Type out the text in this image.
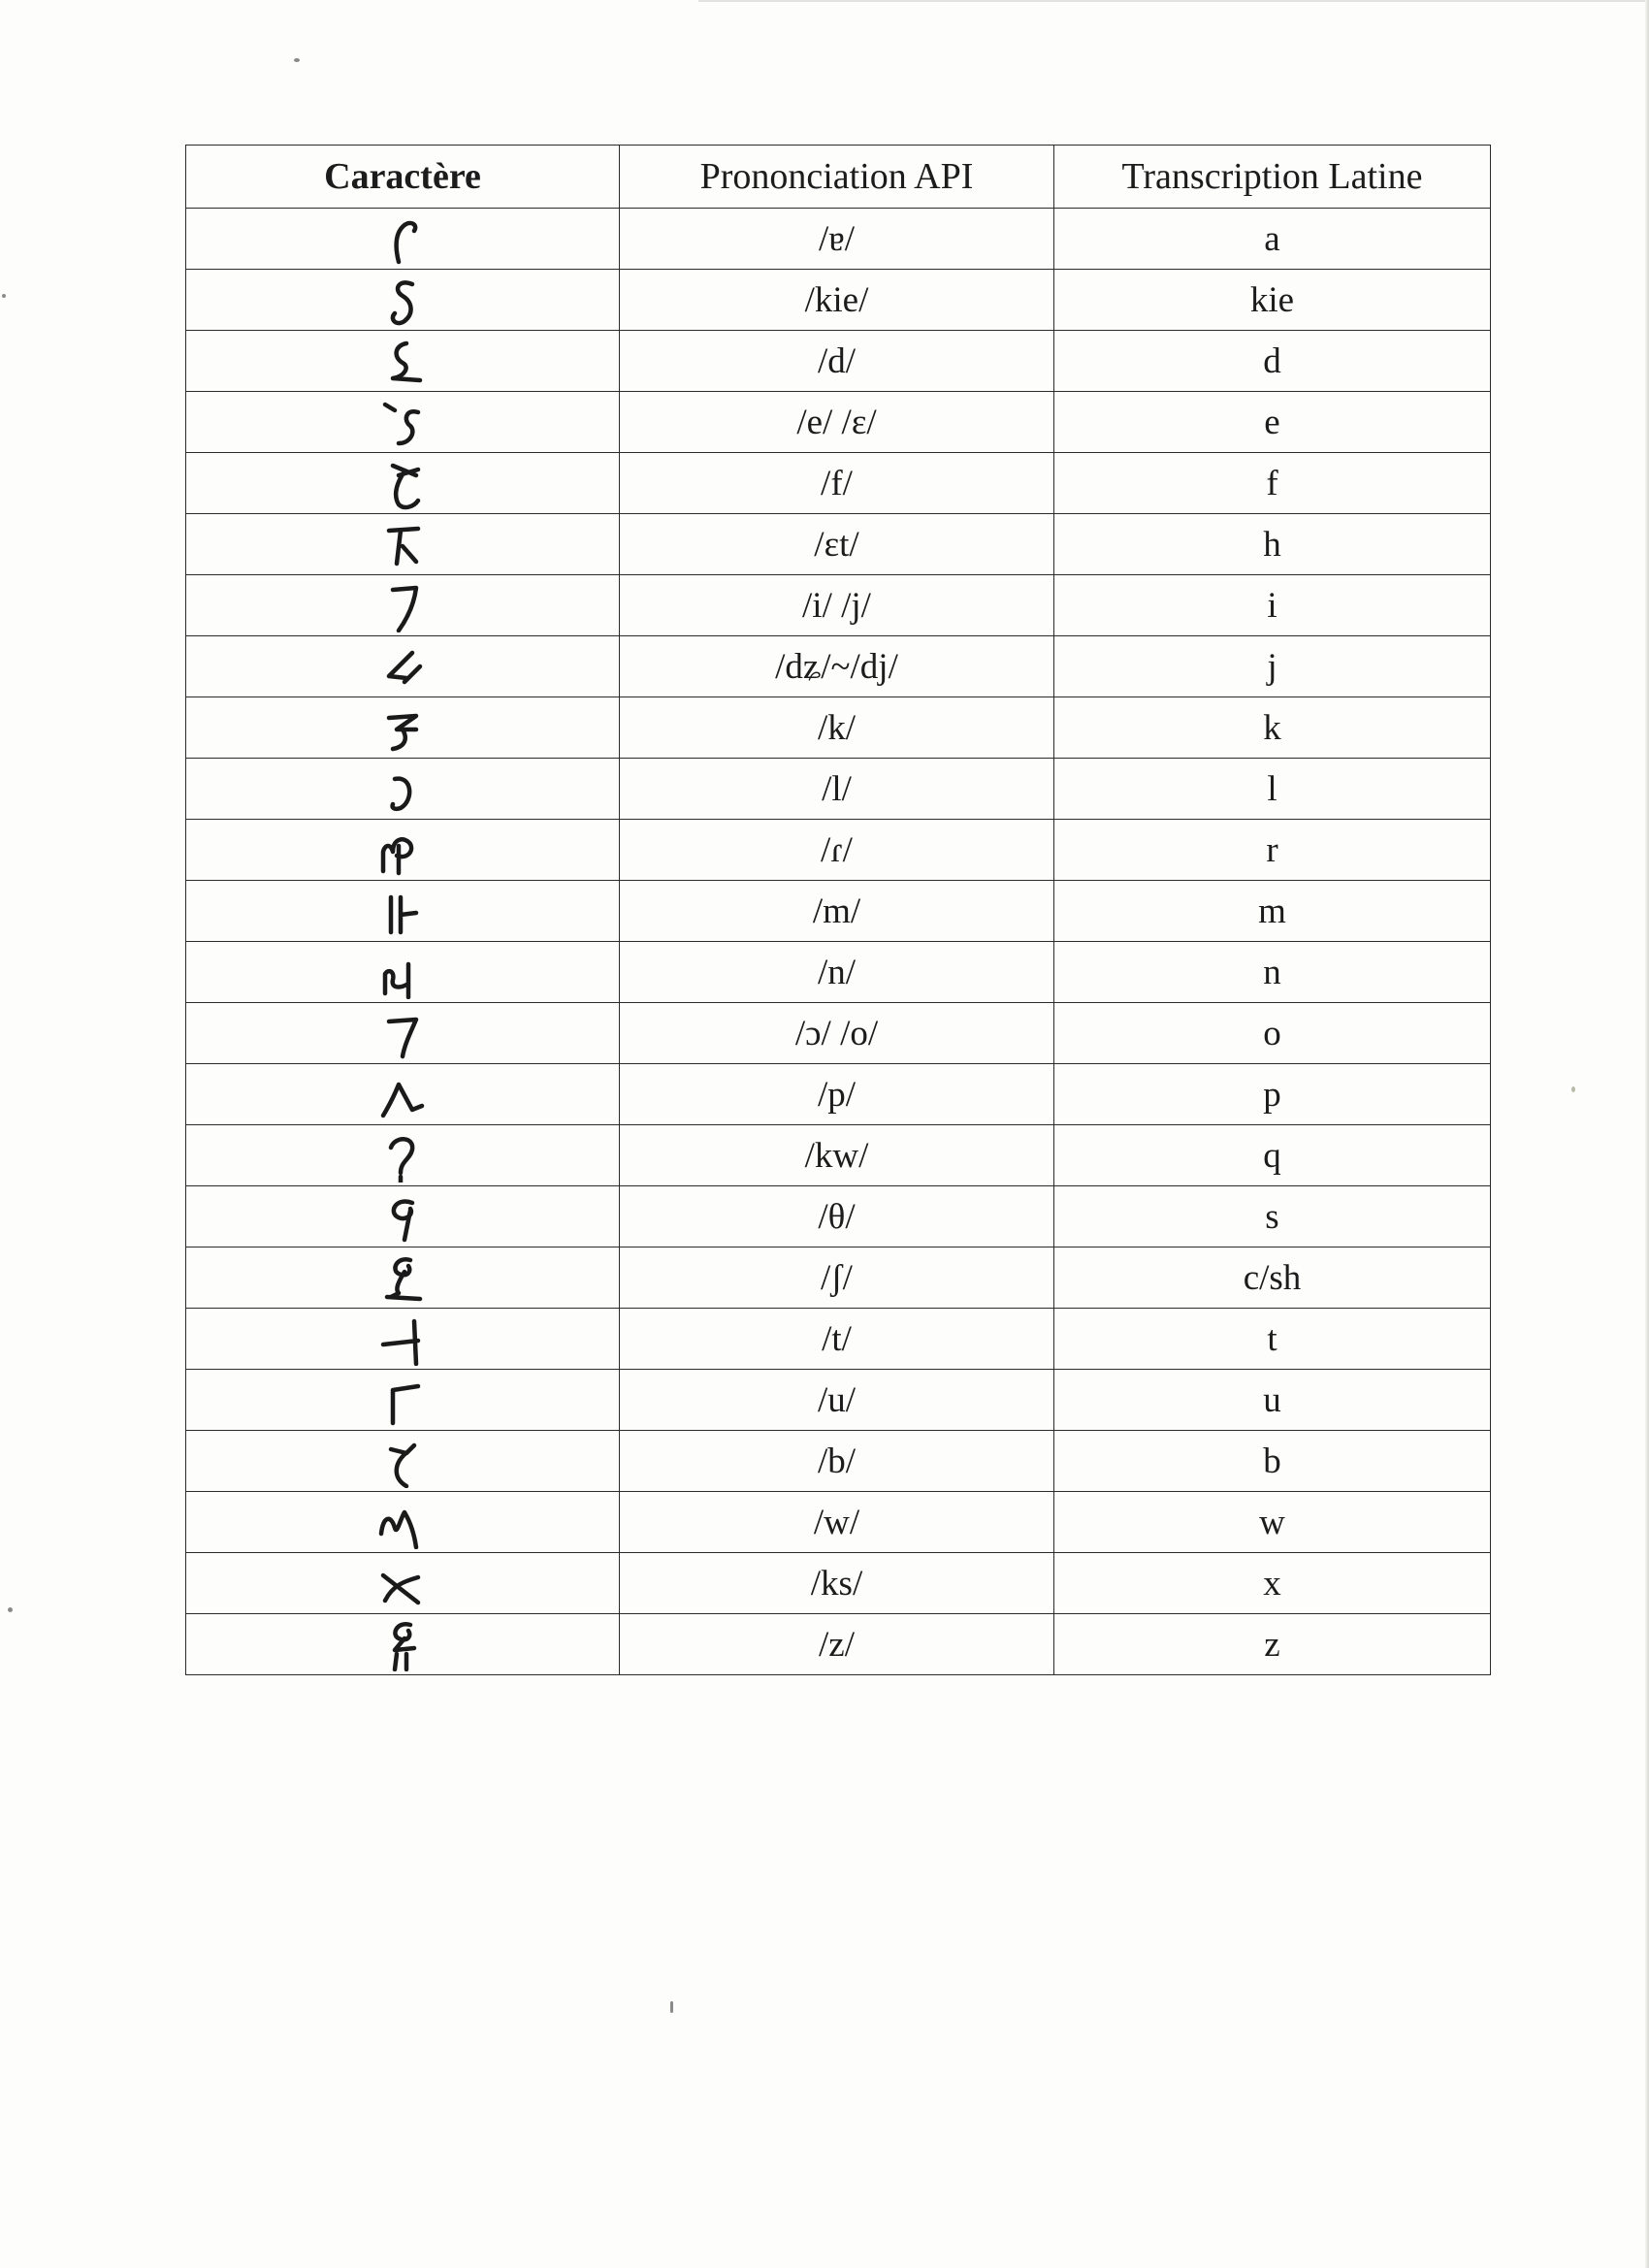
Caractère	Prononciation API	Transcription Latine

	/ɐ/	a

	/kie/	kie

	/d/	d

	/e/ /ɛ/	e

	/f/	f

	/ɛt/	h

	/i/ /j/	i

	/dʑ/~/dj/	j

	/k/	k

	/l/	l

	/ɾ/	r

	/m/	m

	/n/	n

	/ɔ/ /o/	o

	/p/	p

	/kw/	q

	/θ/	s

	/ʃ/	c/sh

	/t/	t

	/u/	u

	/b/	b

	/w/	w

	/ks/	x

	/z/	z
